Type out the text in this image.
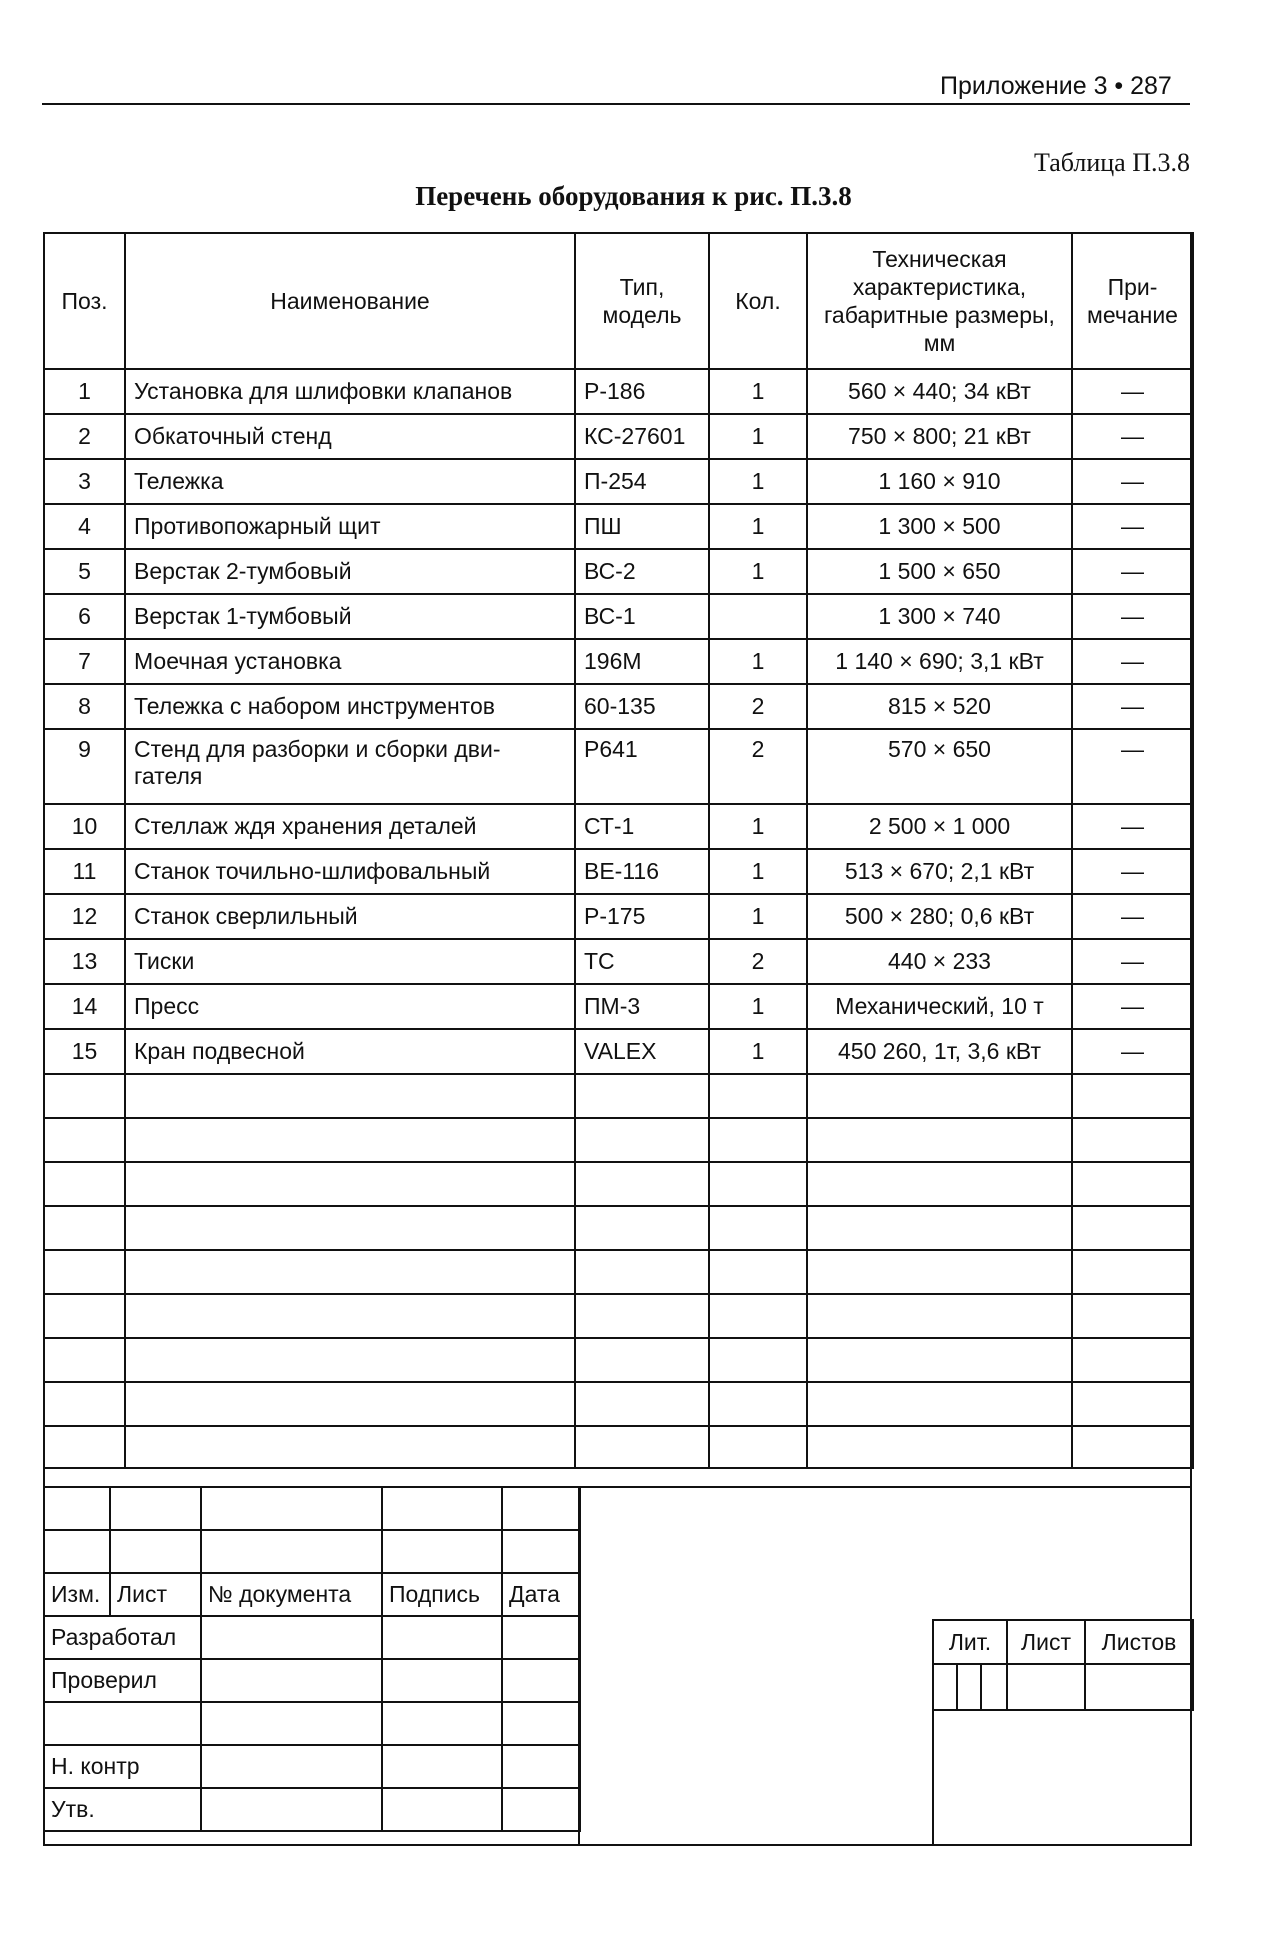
Приложение 3 • 287
Таблица П.3.8
Перечень оборудования к рис. П.3.8
Поз.	Наименование	Тип, модель	Кол.	Техническая характеристика, габаритные размеры, мм	При-мечание
1	Установка для шлифовки клапанов	Р-186	1	560 × 440; 34 кВт	—
2	Обкаточный стенд	КС-27601	1	750 × 800; 21 кВт	—
3	Тележка	П-254	1	1 160 × 910	—
4	Противопожарный щит	ПШ	1	1 300 × 500	—
5	Верстак 2-тумбовый	ВС-2	1	1 500 × 650	—
6	Верстак 1-тумбовый	ВС-1		1 300 × 740	—
7	Моечная установка	196М	1	1 140 × 690; 3,1 кВт	—
8	Тележка с набором инструментов	60-135	2	815 × 520	—
9	Стенд для разборки и сборки дви-гателя	Р641	2	570 × 650	—
10	Стеллаж ждя хранения деталей	СТ-1	1	2 500 × 1 000	—
11	Станок точильно-шлифовальный	ВЕ-116	1	513 × 670; 2,1 кВт	—
12	Станок сверлильный	Р-175	1	500 × 280; 0,6 кВт	—
13	Тиски	ТС	2	440 × 233	—
14	Пресс	ПМ-3	1	Механический, 10 т	—
15	Кран подвесной	VALEX	1	450 260, 1т, 3,6 кВт	—

Изм.	Лист	№ документа	Подпись	Дата
Разработал				
Проверил				

Н. контр				
Утв.				
Лит.			Лист	Листов
